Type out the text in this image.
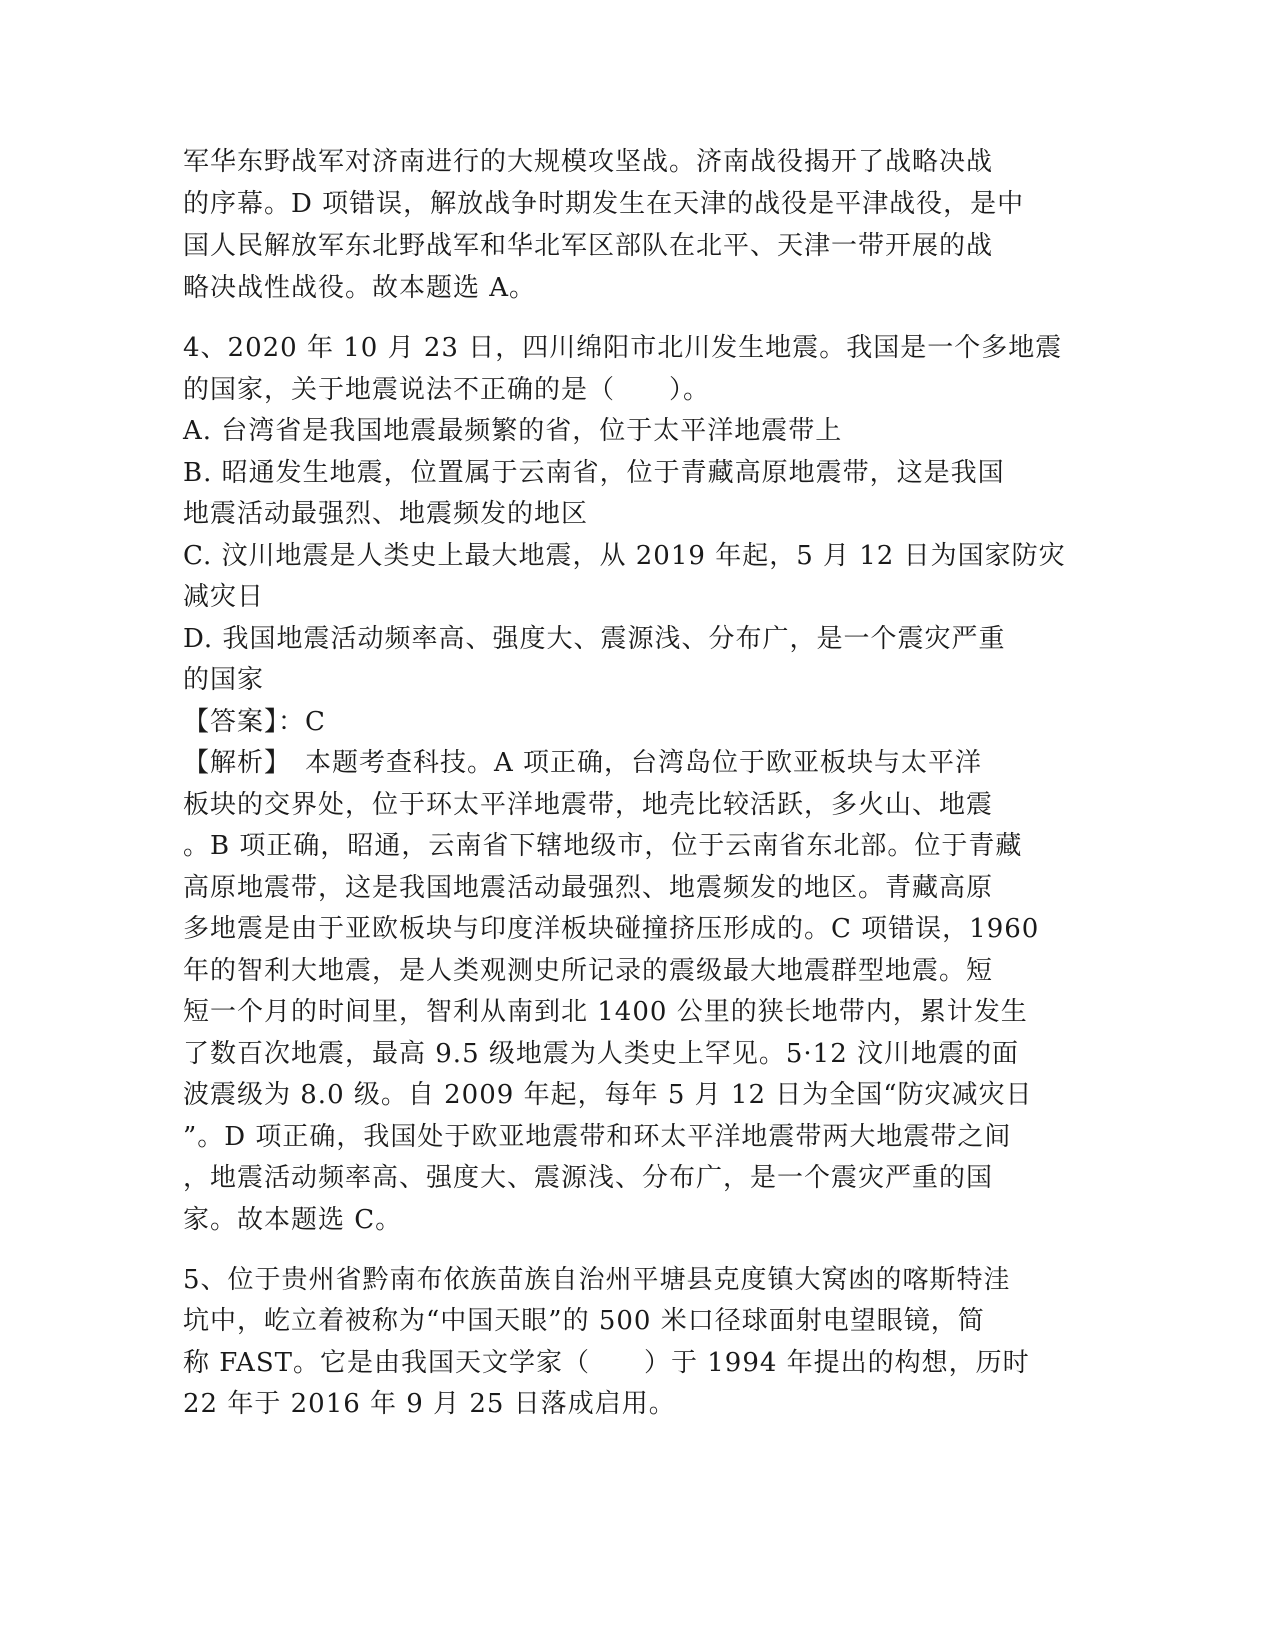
军华东野战军对济南进行的大规模攻坚战。济南战役揭开了战略决战
的序幕。D 项错误，解放战争时期发生在天津的战役是平津战役，是中
国人民解放军东北野战军和华北军区部队在北平、天津一带开展的战
略决战性战役。故本题选 A。
4、2020 年 10 月 23 日，四川绵阳市北川发生地震。我国是一个多地震
的国家，关于地震说法不正确的是（　　）。
A. 台湾省是我国地震最频繁的省，位于太平洋地震带上
B. 昭通发生地震，位置属于云南省，位于青藏高原地震带，这是我国
地震活动最强烈、地震频发的地区
C. 汶川地震是人类史上最大地震，从 2019 年起，5 月 12 日为国家防灾
减灾日
D. 我国地震活动频率高、强度大、震源浅、分布广，是一个震灾严重
的国家
【答案】：C
【解析】　本题考查科技。A 项正确，台湾岛位于欧亚板块与太平洋
板块的交界处，位于环太平洋地震带，地壳比较活跃，多火山、地震
。B 项正确，昭通，云南省下辖地级市，位于云南省东北部。位于青藏
高原地震带，这是我国地震活动最强烈、地震频发的地区。青藏高原
多地震是由于亚欧板块与印度洋板块碰撞挤压形成的。C 项错误，1960
年的智利大地震，是人类观测史所记录的震级最大地震群型地震。短
短一个月的时间里，智利从南到北 1400 公里的狭长地带内，累计发生
了数百次地震，最高 9.5 级地震为人类史上罕见。5·12 汶川地震的面
波震级为 8.0 级。自 2009 年起，每年 5 月 12 日为全国“防灾减灾日
”。D 项正确，我国处于欧亚地震带和环太平洋地震带两大地震带之间
，地震活动频率高、强度大、震源浅、分布广，是一个震灾严重的国
家。故本题选 C。
5、位于贵州省黔南布依族苗族自治州平塘县克度镇大窝凼的喀斯特洼
坑中，屹立着被称为“中国天眼”的 500 米口径球面射电望眼镜，简
称 FAST。它是由我国天文学家（　　）于 1994 年提出的构想，历时
22 年于 2016 年 9 月 25 日落成启用。
